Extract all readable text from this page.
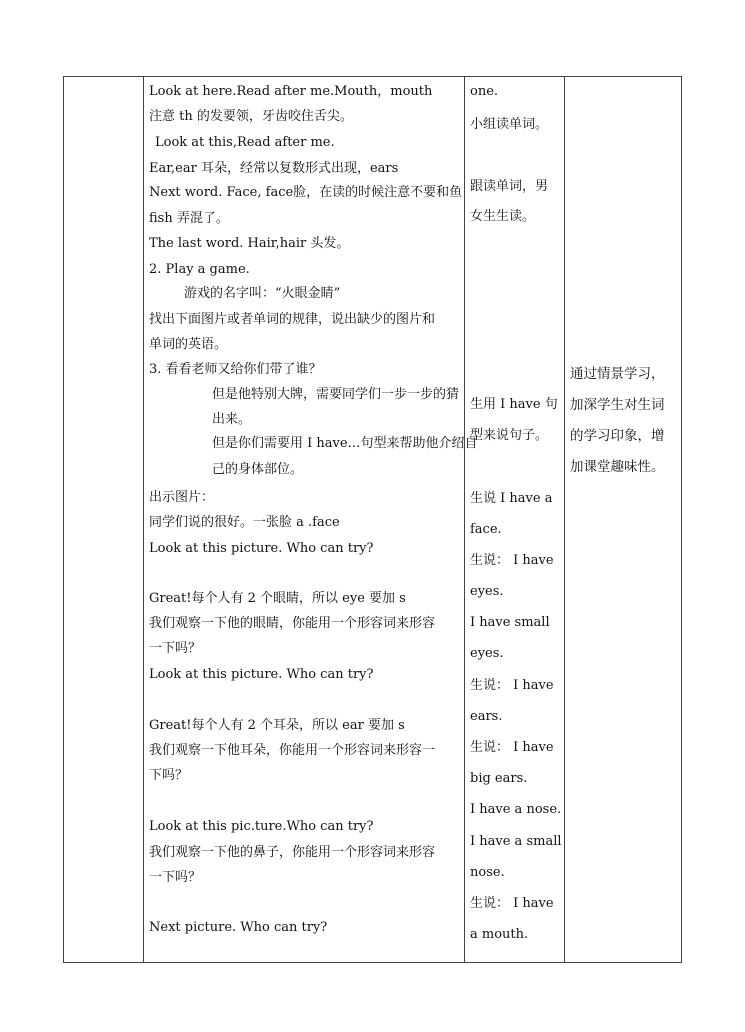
Look at here.Read after me.Mouth，mouth
注意 th 的发要领，牙齿咬住舌尖。
Look at this,Read after me.
Ear,ear 耳朵，经常以复数形式出现，ears
Next word. Face, face脸，在读的时候注意不要和鱼
fish 弄混了。
The last word. Hair,hair 头发。
2. Play a game.
游戏的名字叫：“火眼金睛”
找出下面图片或者单词的规律，说出缺少的图片和
单词的英语。
3. 看看老师又给你们带了谁？
但是他特别大牌，需要同学们一步一步的猜
出来。
但是你们需要用 I have…句型来帮助他介绍自
己的身体部位。
出示图片：
同学们说的很好。一张脸 a .face
Look at this picture. Who can try?
Great!每个人有 2 个眼睛，所以 eye 要加 s
我们观察一下他的眼睛，你能用一个形容词来形容
一下吗？
Look at this picture. Who can try?
Great!每个人有 2 个耳朵，所以 ear 要加 s
我们观察一下他耳朵，你能用一个形容词来形容一
下吗？
Look at this pic.ture.Who can try?
我们观察一下他的鼻子，你能用一个形容词来形容
一下吗？
Next picture. Who can try?
one.
小组读单词。
跟读单词，男
女生生读。
生用 I have 句
型来说句子。
生说 I have a
face.
生说： I have
eyes.
I have small
eyes.
生说： I have
ears.
生说： I have
big ears.
I have a nose.
I have a small
nose.
生说： I have
a mouth.
通过情景学习，
加深学生对生词
的学习印象，增
加课堂趣味性。
